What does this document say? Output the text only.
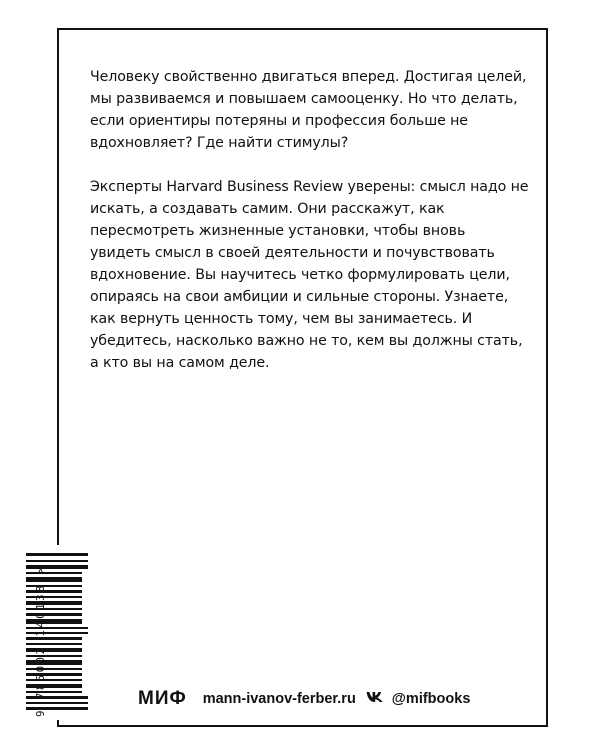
Человеку свойственно двигаться вперед. Достигая целей, мы развиваемся и повышаем самооценку. Но что делать, если ориентиры потеряны и профессия больше не вдохновляет? Где найти стимулы?

Эксперты Harvard Business Review уверены: смысл надо не искать, а создавать самим. Они расскажут, как пересмотреть жизненные установки, чтобы вновь увидеть смысл в своей деятельности и почувствовать вдохновение. Вы научитесь четко формулировать цели, опираясь на свои амбиции и сильные стороны. Узнаете, как вернуть ценность тому, чем вы занимаетесь. И убедитесь, насколько важно не то, кем вы должны стать, а кто вы на самом деле.

9 785002 140138 >	МИФ mann-ivanov-ferber.ru @mifbooks
